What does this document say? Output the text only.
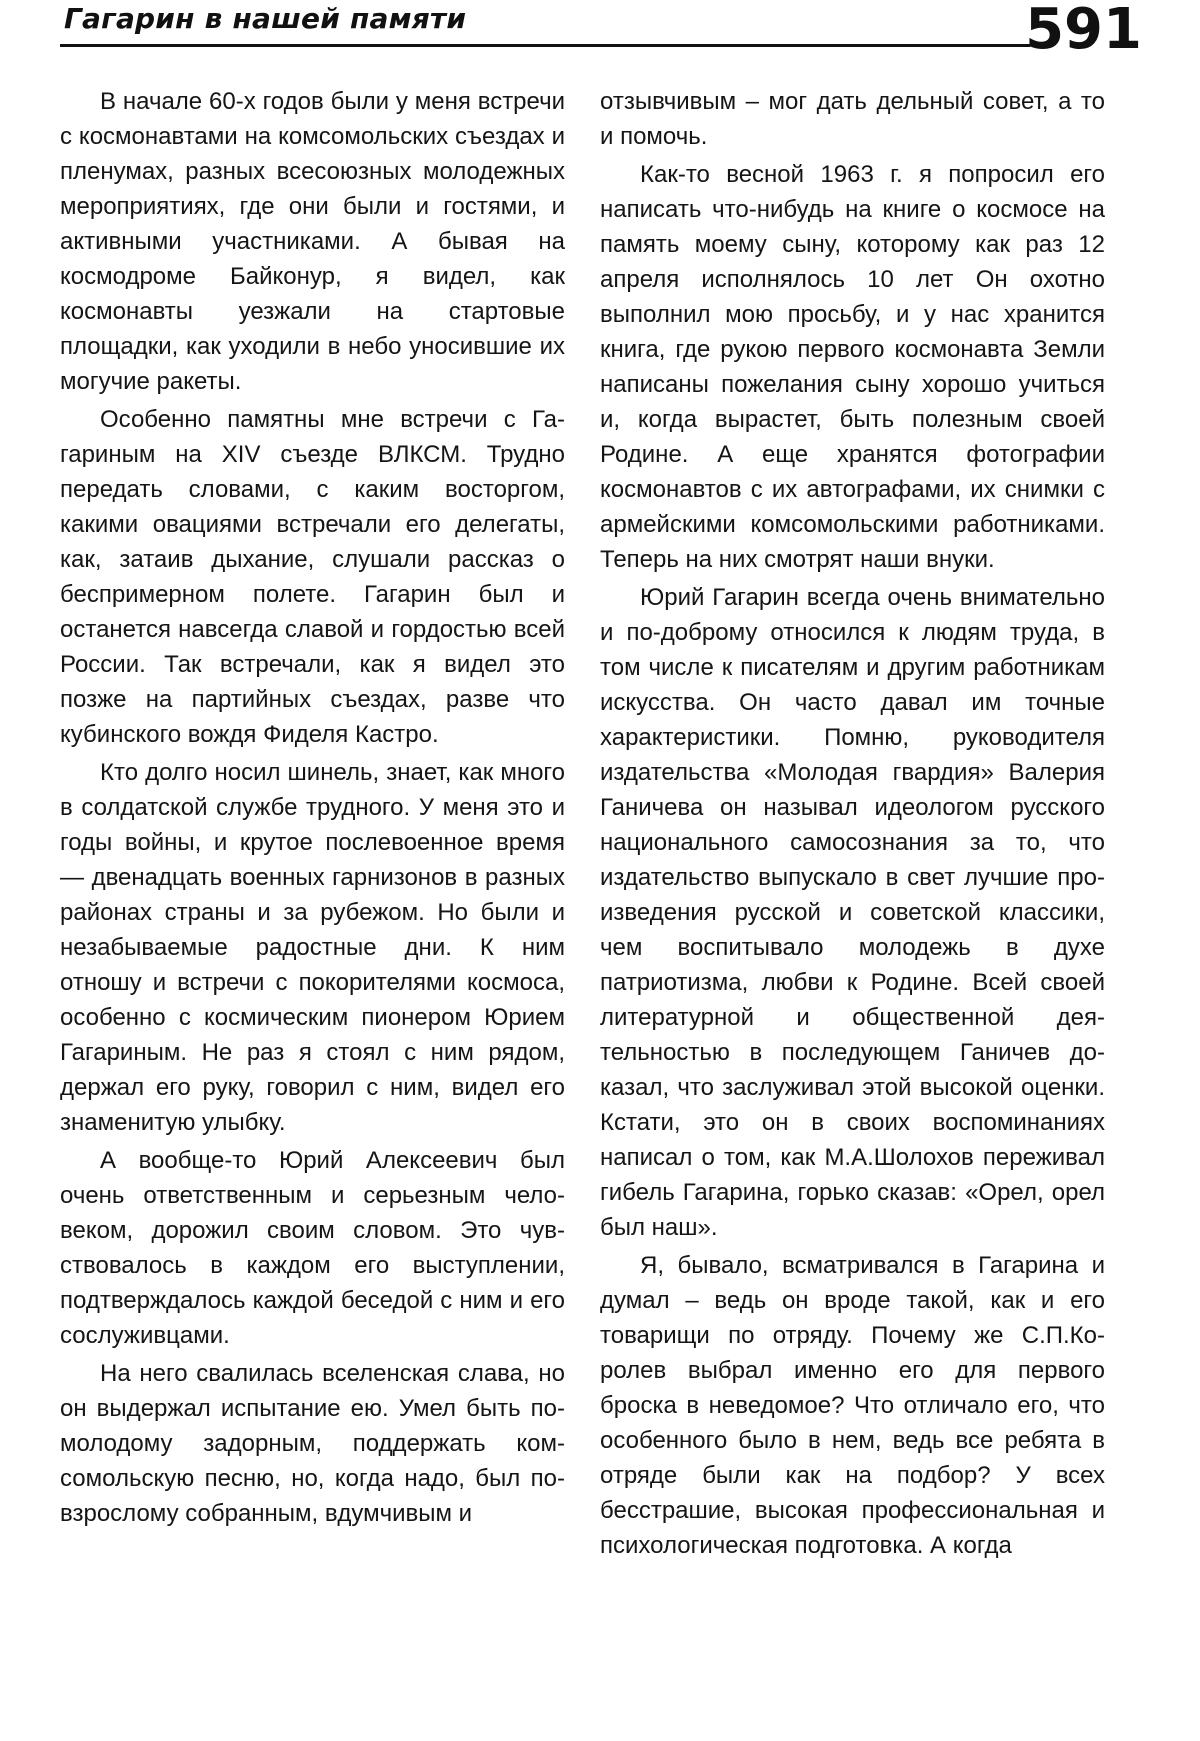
Гагарин в нашей памяти	591

В начале 60-х годов были у меня встречи с космонавтами на комсомольских съездах и пленумах, разных всесоюзных молодежных мероприятиях, где они были и гостями, и активными участниками. А бывая на космодроме Байконур, я видел, как космонавты уезжали на стартовые площадки, как уходили в небо уносившие их могучие ракеты.

Особенно памятны мне встречи с Гагариным на XIV съезде ВЛКСМ. Трудно передать словами, с каким восторгом, какими овациями встречали его делегаты, как, затаив дыхание, слушали рассказ о беспримерном полете. Гагарин был и останется навсегда славой и гордостью всей России. Так встречали, как я видел это позже на партийных съездах, разве что кубинского вождя Фиделя Кастро.

Кто долго носил шинель, знает, как много в солдатской службе трудного. У меня это и годы войны, и крутое послевоенное время — двенадцать военных гарнизонов в разных районах страны и за рубежом. Но были и незабываемые радостные дни. К ним отношу и встречи с покорителями космоса, особенно с космическим пионером Юрием Гагариным. Не раз я стоял с ним рядом, держал его руку, говорил с ним, видел его знаменитую улыбку.

А вообще-то Юрий Алексеевич был очень ответственным и серьезным человеком, дорожил своим словом. Это чувствовалось в каждом его выступлении, подтверждалось каждой беседой с ним и его сослуживцами.

На него свалилась вселенская слава, но он выдержал испытание ею. Умел быть по-молодому задорным, поддержать комсомольскую песню, но, когда надо, был по-взрослому собранным, вдумчивым и

отзывчивым – мог дать дельный совет, а то и помочь.

Как-то весной 1963 г. я попросил его написать что-нибудь на книге о космосе на память моему сыну, которому как раз 12 апреля исполнялось 10 лет Он охотно выполнил мою просьбу, и у нас хранится книга, где рукою первого космонавта Земли написаны пожелания сыну хорошо учиться и, когда вырастет, быть полезным своей Родине. А еще хранятся фотографии космонавтов с их автографами, их снимки с армейскими комсомольскими работниками. Теперь на них смотрят наши внуки.

Юрий Гагарин всегда очень внимательно и по-доброму относился к людям труда, в том числе к писателям и другим работникам искусства. Он часто давал им точные характеристики. Помню, руководителя издательства «Молодая гвардия» Валерия Ганичева он называл идеологом русского национального самосознания за то, что издательство выпускало в свет лучшие произведения русской и советской классики, чем воспитывало молодежь в духе патриотизма, любви к Родине. Всей своей литературной и общественной деятельностью в последующем Ганичев доказал, что заслуживал этой высокой оценки. Кстати, это он в своих воспоминаниях написал о том, как М.А.Шолохов переживал гибель Гагарина, горько сказав: «Орел, орел был наш».

Я, бывало, всматривался в Гагарина и думал – ведь он вроде такой, как и его товарищи по отряду. Почему же С.П.Королев выбрал именно его для первого броска в неведомое? Что отличало его, что особенного было в нем, ведь все ребята в отряде были как на подбор? У всех бесстрашие, высокая профессиональная и психологическая подготовка. А когда
